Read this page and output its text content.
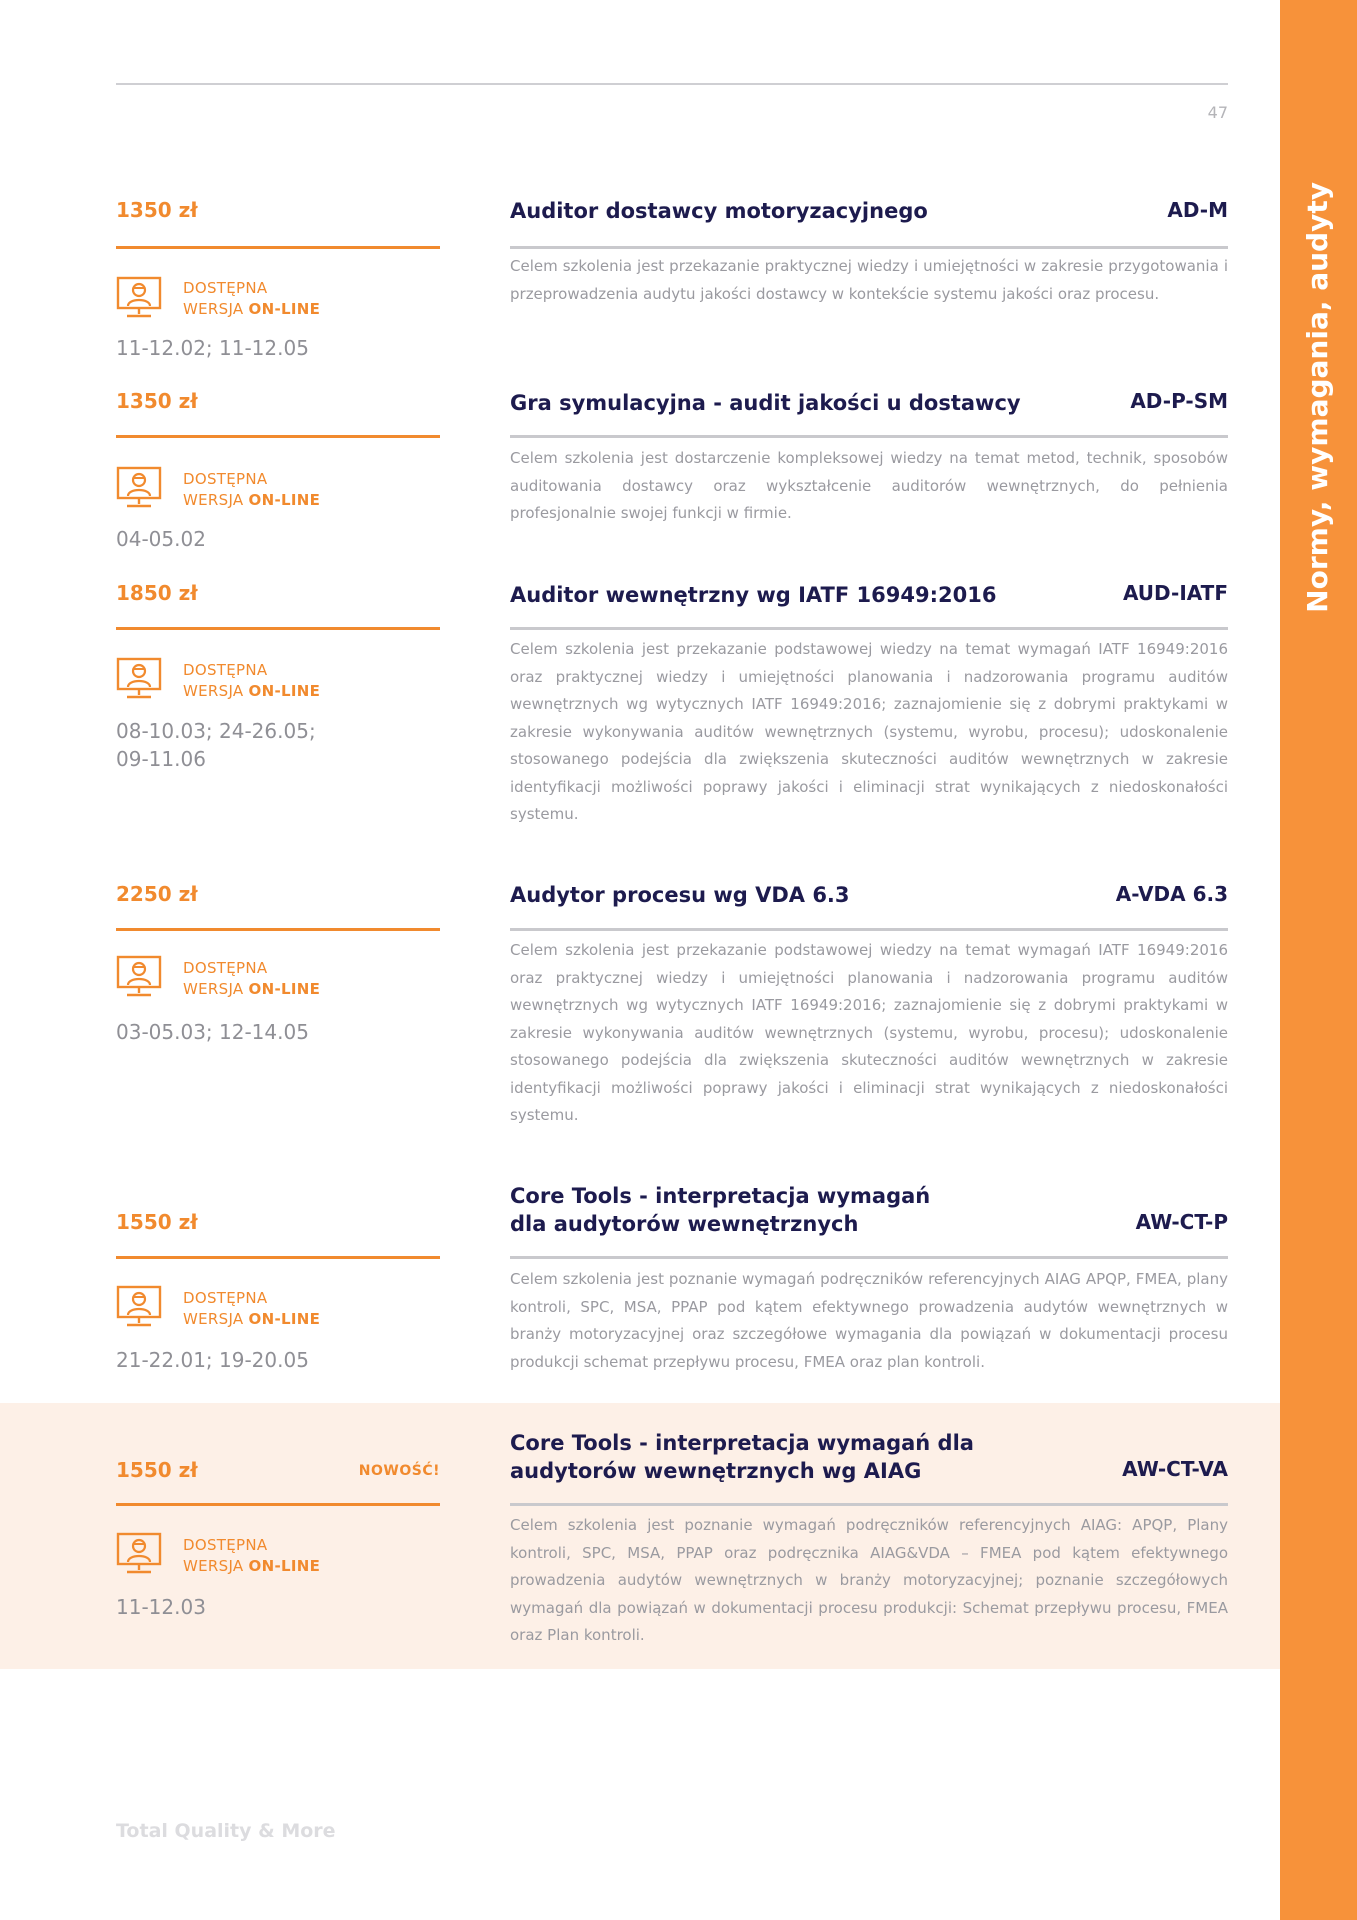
47
Normy, wymagania, audyty
1350 zł
DOSTĘPNA
WERSJA ON-LINE
11-12.02; 11-12.05
Auditor dostawcy motoryzacyjnego	AD-M
Celem szkolenia jest przekazanie praktycznej wiedzy i umiejętności w zakresie przygotowania i przeprowadzenia audytu jakości dostawcy w kontekście systemu jakości oraz procesu.
1350 zł
DOSTĘPNA
WERSJA ON-LINE
04-05.02
Gra symulacyjna - audit jakości u dostawcy	AD-P-SM
Celem szkolenia jest dostarczenie kompleksowej wiedzy na temat metod, technik, sposobów auditowania dostawcy oraz wykształcenie auditorów wewnętrznych, do pełnienia profesjonalnie swojej funkcji w firmie.
1850 zł
DOSTĘPNA
WERSJA ON-LINE
08-10.03; 24-26.05; 09-11.06
Auditor wewnętrzny wg IATF 16949:2016	AUD-IATF
Celem szkolenia jest przekazanie podstawowej wiedzy na temat wymagań IATF 16949:2016 oraz praktycznej wiedzy i umiejętności planowania i nadzorowania programu auditów wewnętrznych wg wytycznych IATF 16949:2016; zaznajomienie się z dobrymi praktykami w zakresie wykonywania auditów wewnętrznych (systemu, wyrobu, procesu); udoskonalenie stosowanego podejścia dla zwiększenia skuteczności auditów wewnętrznych w zakresie identyfikacji możliwości poprawy jakości i eliminacji strat wynikających z niedoskonałości systemu.
2250 zł
DOSTĘPNA
WERSJA ON-LINE
03-05.03; 12-14.05
Audytor procesu wg VDA 6.3	A-VDA 6.3
Celem szkolenia jest przekazanie podstawowej wiedzy na temat wymagań IATF 16949:2016 oraz praktycznej wiedzy i umiejętności planowania i nadzorowania programu auditów wewnętrznych wg wytycznych IATF 16949:2016; zaznajomienie się z dobrymi praktykami w zakresie wykonywania auditów wewnętrznych (systemu, wyrobu, procesu); udoskonalenie stosowanego podejścia dla zwiększenia skuteczności auditów wewnętrznych w zakresie identyfikacji możliwości poprawy jakości i eliminacji strat wynikających z niedoskonałości systemu.
1550 zł
DOSTĘPNA
WERSJA ON-LINE
21-22.01; 19-20.05
Core Tools - interpretacja wymagań
dla audytorów wewnętrznych	AW-CT-P
Celem szkolenia jest poznanie wymagań podręczników referencyjnych AIAG APQP, FMEA, plany kontroli, SPC, MSA, PPAP pod kątem efektywnego prowadzenia audytów wewnętrznych w branży motoryzacyjnej oraz szczegółowe wymagania dla powiązań w dokumentacji procesu produkcji schemat przepływu procesu, FMEA oraz plan kontroli.
1550 zł	NOWOŚĆ!
DOSTĘPNA
WERSJA ON-LINE
11-12.03
Core Tools - interpretacja wymagań dla
audytorów wewnętrznych wg AIAG	AW-CT-VA
Celem szkolenia jest poznanie wymagań podręczników referencyjnych AIAG: APQP, Plany kontroli, SPC, MSA, PPAP oraz podręcznika AIAG&VDA – FMEA pod kątem efektywnego prowadzenia audytów wewnętrznych w branży motoryzacyjnej; poznanie szczegółowych wymagań dla powiązań w dokumentacji procesu produkcji: Schemat przepływu procesu, FMEA oraz Plan kontroli.
Total Quality & More
